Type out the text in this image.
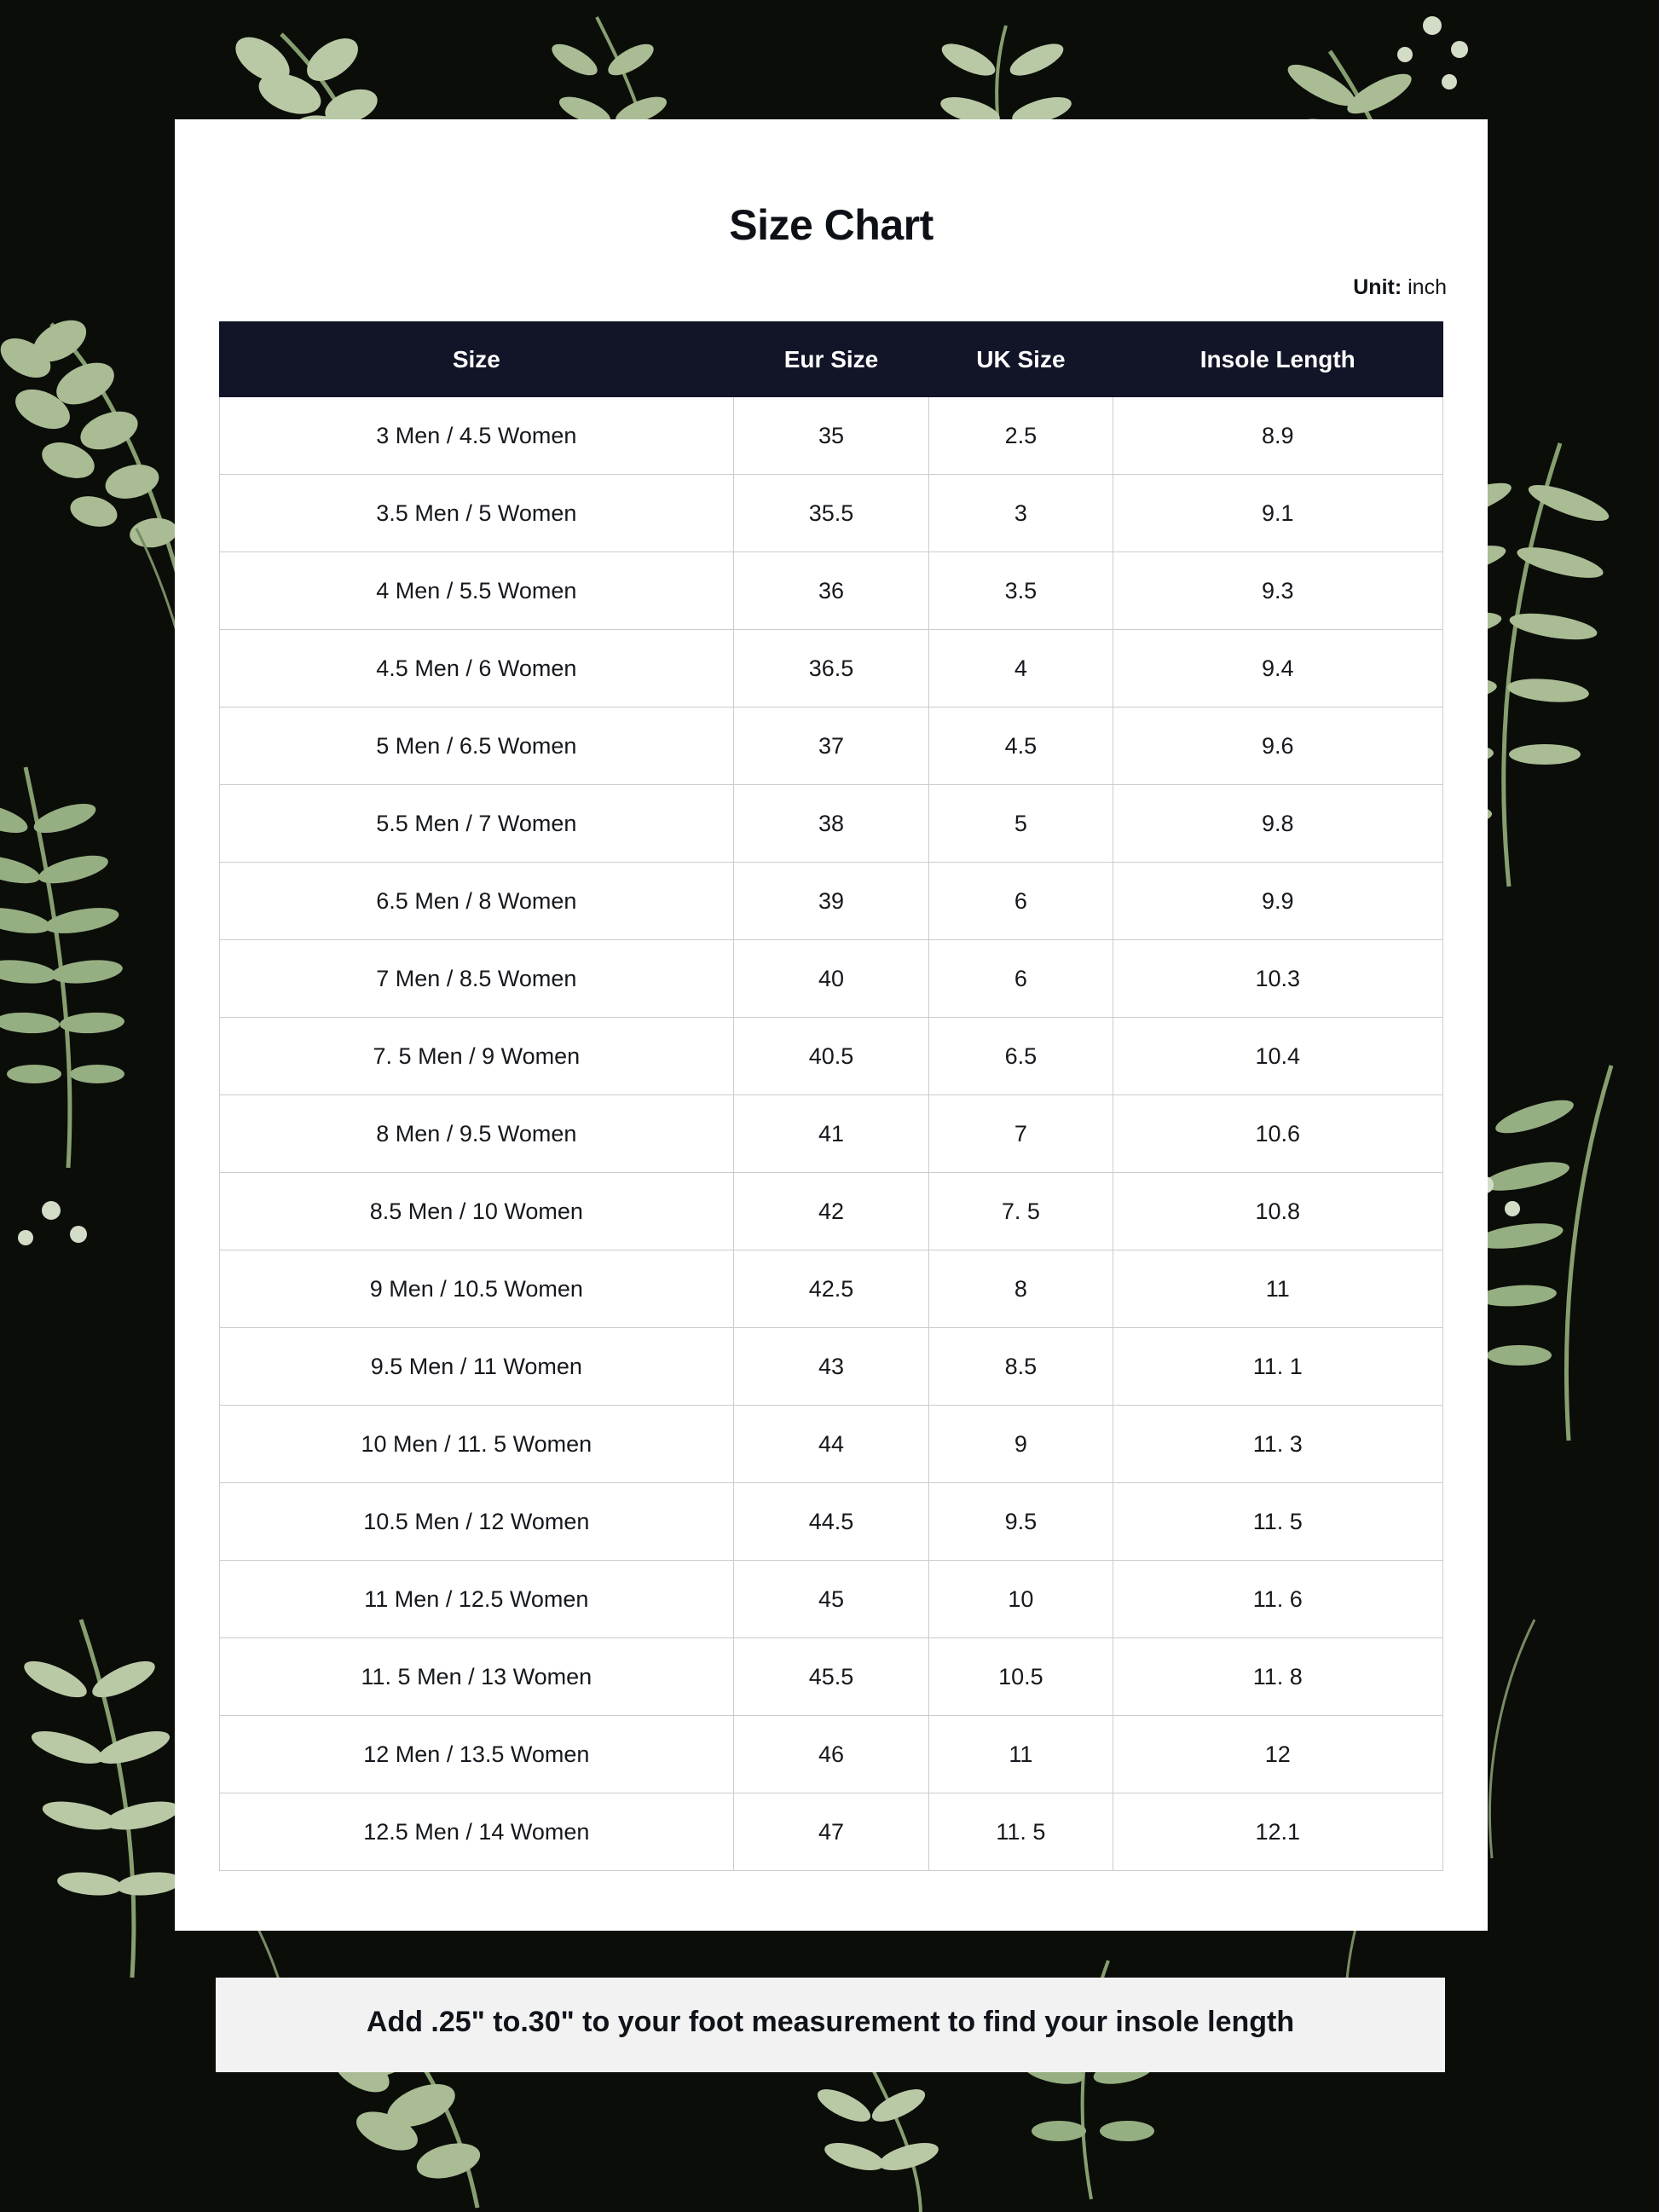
Size Chart
Unit: inch
Size	Eur Size	UK Size	Insole Length
3 Men / 4.5 Women	35	2.5	8.9
3.5 Men / 5 Women	35.5	3	9.1
4 Men / 5.5 Women	36	3.5	9.3
4.5 Men / 6 Women	36.5	4	9.4
5 Men / 6.5 Women	37	4.5	9.6
5.5 Men / 7 Women	38	5	9.8
6.5 Men / 8 Women	39	6	9.9
7 Men / 8.5 Women	40	6	10.3
7. 5 Men / 9 Women	40.5	6.5	10.4
8 Men / 9.5 Women	41	7	10.6
8.5 Men / 10 Women	42	7. 5	10.8
9 Men / 10.5 Women	42.5	8	11
9.5 Men / 11 Women	43	8.5	11. 1
10 Men / 11. 5 Women	44	9	11. 3
10.5 Men / 12 Women	44.5	9.5	11. 5
11 Men / 12.5 Women	45	10	11. 6
11. 5 Men / 13 Women	45.5	10.5	11. 8
12 Men / 13.5 Women	46	11	12
12.5 Men / 14 Women	47	11. 5	12.1
Add .25" to.30" to your foot measurement to find your insole length
